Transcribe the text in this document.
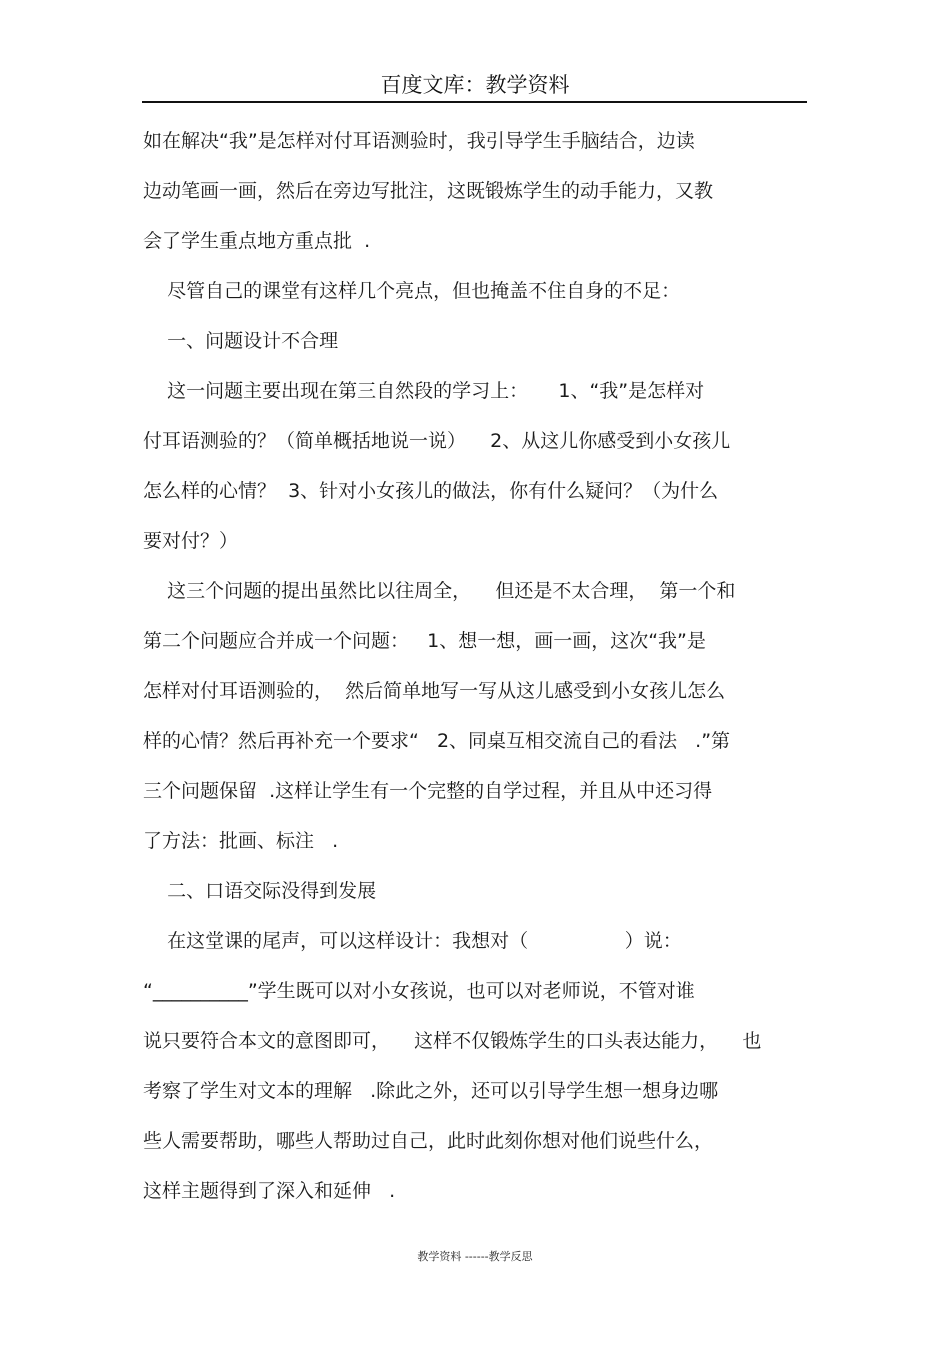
百度文库：教学资料
如在解决“我”是怎样对付耳语测验时，我引导学生手脑结合，边读
边动笔画一画，然后在旁边写批注，这既锻炼学生的动手能力，又教
会了学生重点地方重点批  .
尽管自己的课堂有这样几个亮点，但也掩盖不住自身的不足：
一、问题设计不合理
这一问题主要出现在第三自然段的学习上：     1、“我”是怎样对
付耳语测验的？（简单概括地说一说）    2、从这儿你感受到小女孩儿
怎么样的心情？  3、针对小女孩儿的做法，你有什么疑问？（为什么
要对付？）
这三个问题的提出虽然比以往周全，    但还是不太合理，  第一个和
第二个问题应合并成一个问题：   1、想一想，画一画，这次“我”是
怎样对付耳语测验的，  然后简单地写一写从这儿感受到小女孩儿怎么
样的心情？然后再补充一个要求“   2、同桌互相交流自己的看法   .”第
三个问题保留  .这样让学生有一个完整的自学过程，并且从中还习得
了方法：批画、标注   .
二、口语交际没得到发展
在这堂课的尾声，可以这样设计：我想对（                ）说：
“__________”学生既可以对小女孩说，也可以对老师说，不管对谁
说只要符合本文的意图即可，    这样不仅锻炼学生的口头表达能力，    也
考察了学生对文本的理解   .除此之外，还可以引导学生想一想身边哪
些人需要帮助，哪些人帮助过自己，此时此刻你想对他们说些什么，
这样主题得到了深入和延伸   .
教学资料 ------教学反思
